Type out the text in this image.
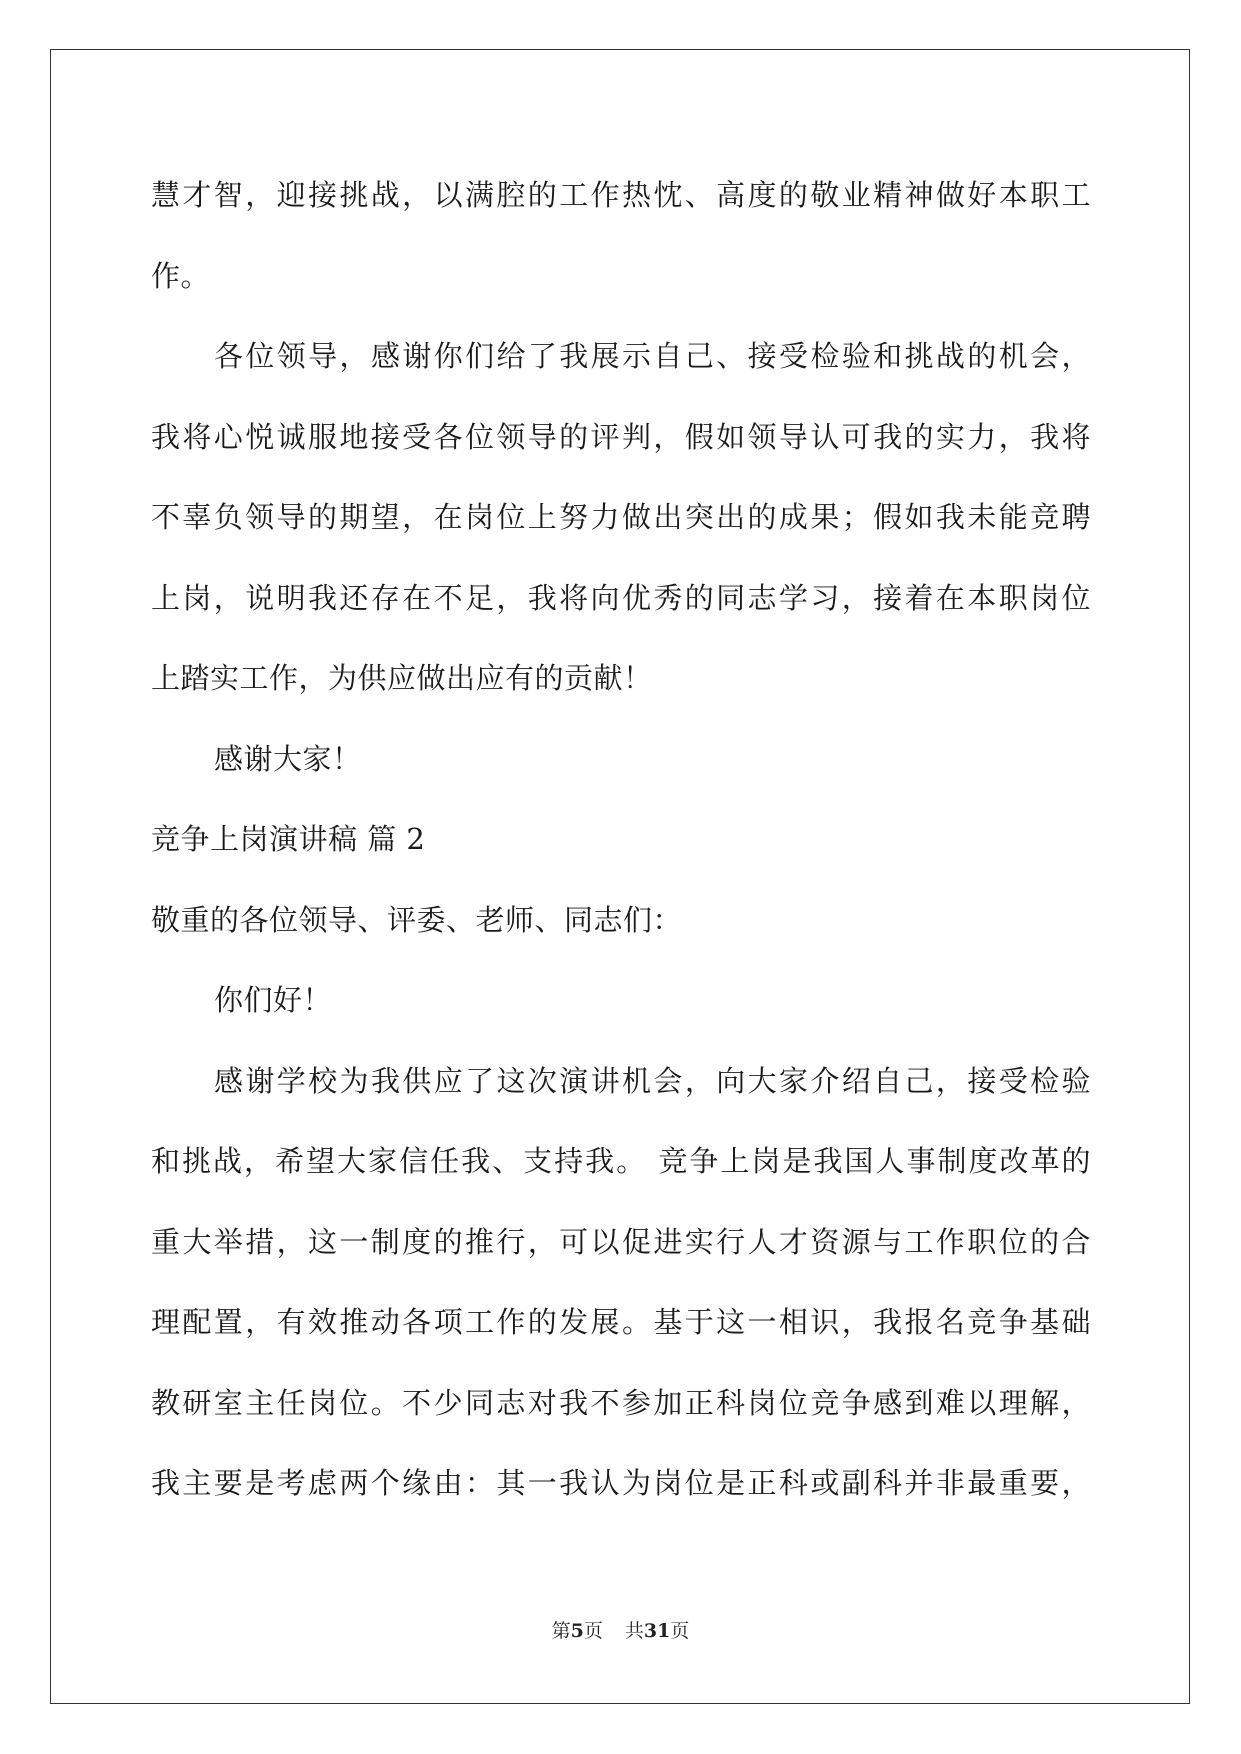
慧才智，迎接挑战，以满腔的工作热忱、高度的敬业精神做好本职工
作。
各位领导，感谢你们给了我展示自己、接受检验和挑战的机会，
我将心悦诚服地接受各位领导的评判，假如领导认可我的实力，我将
不辜负领导的期望，在岗位上努力做出突出的成果；假如我未能竞聘
上岗，说明我还存在不足，我将向优秀的同志学习，接着在本职岗位
上踏实工作，为供应做出应有的贡献！
感谢大家！
竞争上岗演讲稿 篇 2
敬重的各位领导、评委、老师、同志们：
你们好！
感谢学校为我供应了这次演讲机会，向大家介绍自己，接受检验
和挑战，希望大家信任我、支持我。 竞争上岗是我国人事制度改革的
重大举措，这一制度的推行，可以促进实行人才资源与工作职位的合
理配置，有效推动各项工作的发展。基于这一相识，我报名竞争基础
教研室主任岗位。不少同志对我不参加正科岗位竞争感到难以理解，
我主要是考虑两个缘由：其一我认为岗位是正科或副科并非最重要，
第5页 共31页
